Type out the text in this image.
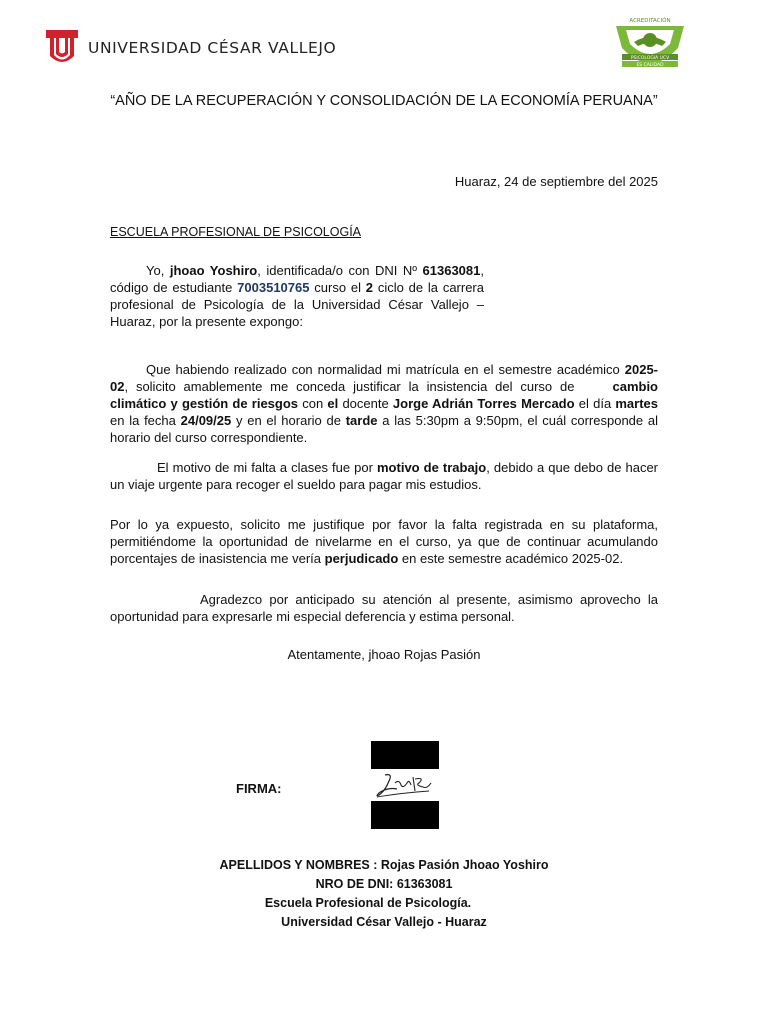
UNIVERSIDAD CÉSAR VALLEJO
ACREDITACIÓN
PSICOLOGIA UCV
ES CALIDAD
“AÑO DE LA RECUPERACIÓN Y CONSOLIDACIÓN DE LA ECONOMÍA PERUANA”
Huaraz, 24 de septiembre del 2025
ESCUELA PROFESIONAL DE PSICOLOGÍA
Yo, jhoao Yoshiro, identificada/o con DNI Nº 61363081, código de estudiante 7003510765 curso el 2 ciclo de la carrera profesional de Psicología de la Universidad César Vallejo – Huaraz, por la presente expongo:
Que habiendo realizado con normalidad mi matrícula en el semestre académico 2025-02, solicito amablemente me conceda justificar la insistencia del curso de	cambio climático y gestión de riesgos con el docente Jorge Adrián Torres Mercado el día martes en la fecha 24/09/25 y en el horario de tarde a las 5:30pm a 9:50pm, el cuál corresponde al horario del curso correspondiente.
El motivo de mi falta a clases fue por motivo de trabajo, debido a que debo de hacer un viaje urgente para recoger el sueldo para pagar mis estudios.
Por lo ya expuesto, solicito me justifique por favor la falta registrada en su plataforma, permitiéndome la oportunidad de nivelarme en el curso, ya que de continuar acumulando porcentajes de inasistencia me vería perjudicado en este semestre académico 2025-02.
Agradezco por anticipado su atención al presente, asimismo aprovecho la oportunidad para expresarle mi especial deferencia y estima personal.
Atentamente, jhoao Rojas Pasión
FIRMA:
APELLIDOS Y NOMBRES : Rojas Pasión Jhoao Yoshiro
NRO DE DNI: 61363081
Escuela Profesional de Psicología.
Universidad César Vallejo - Huaraz
